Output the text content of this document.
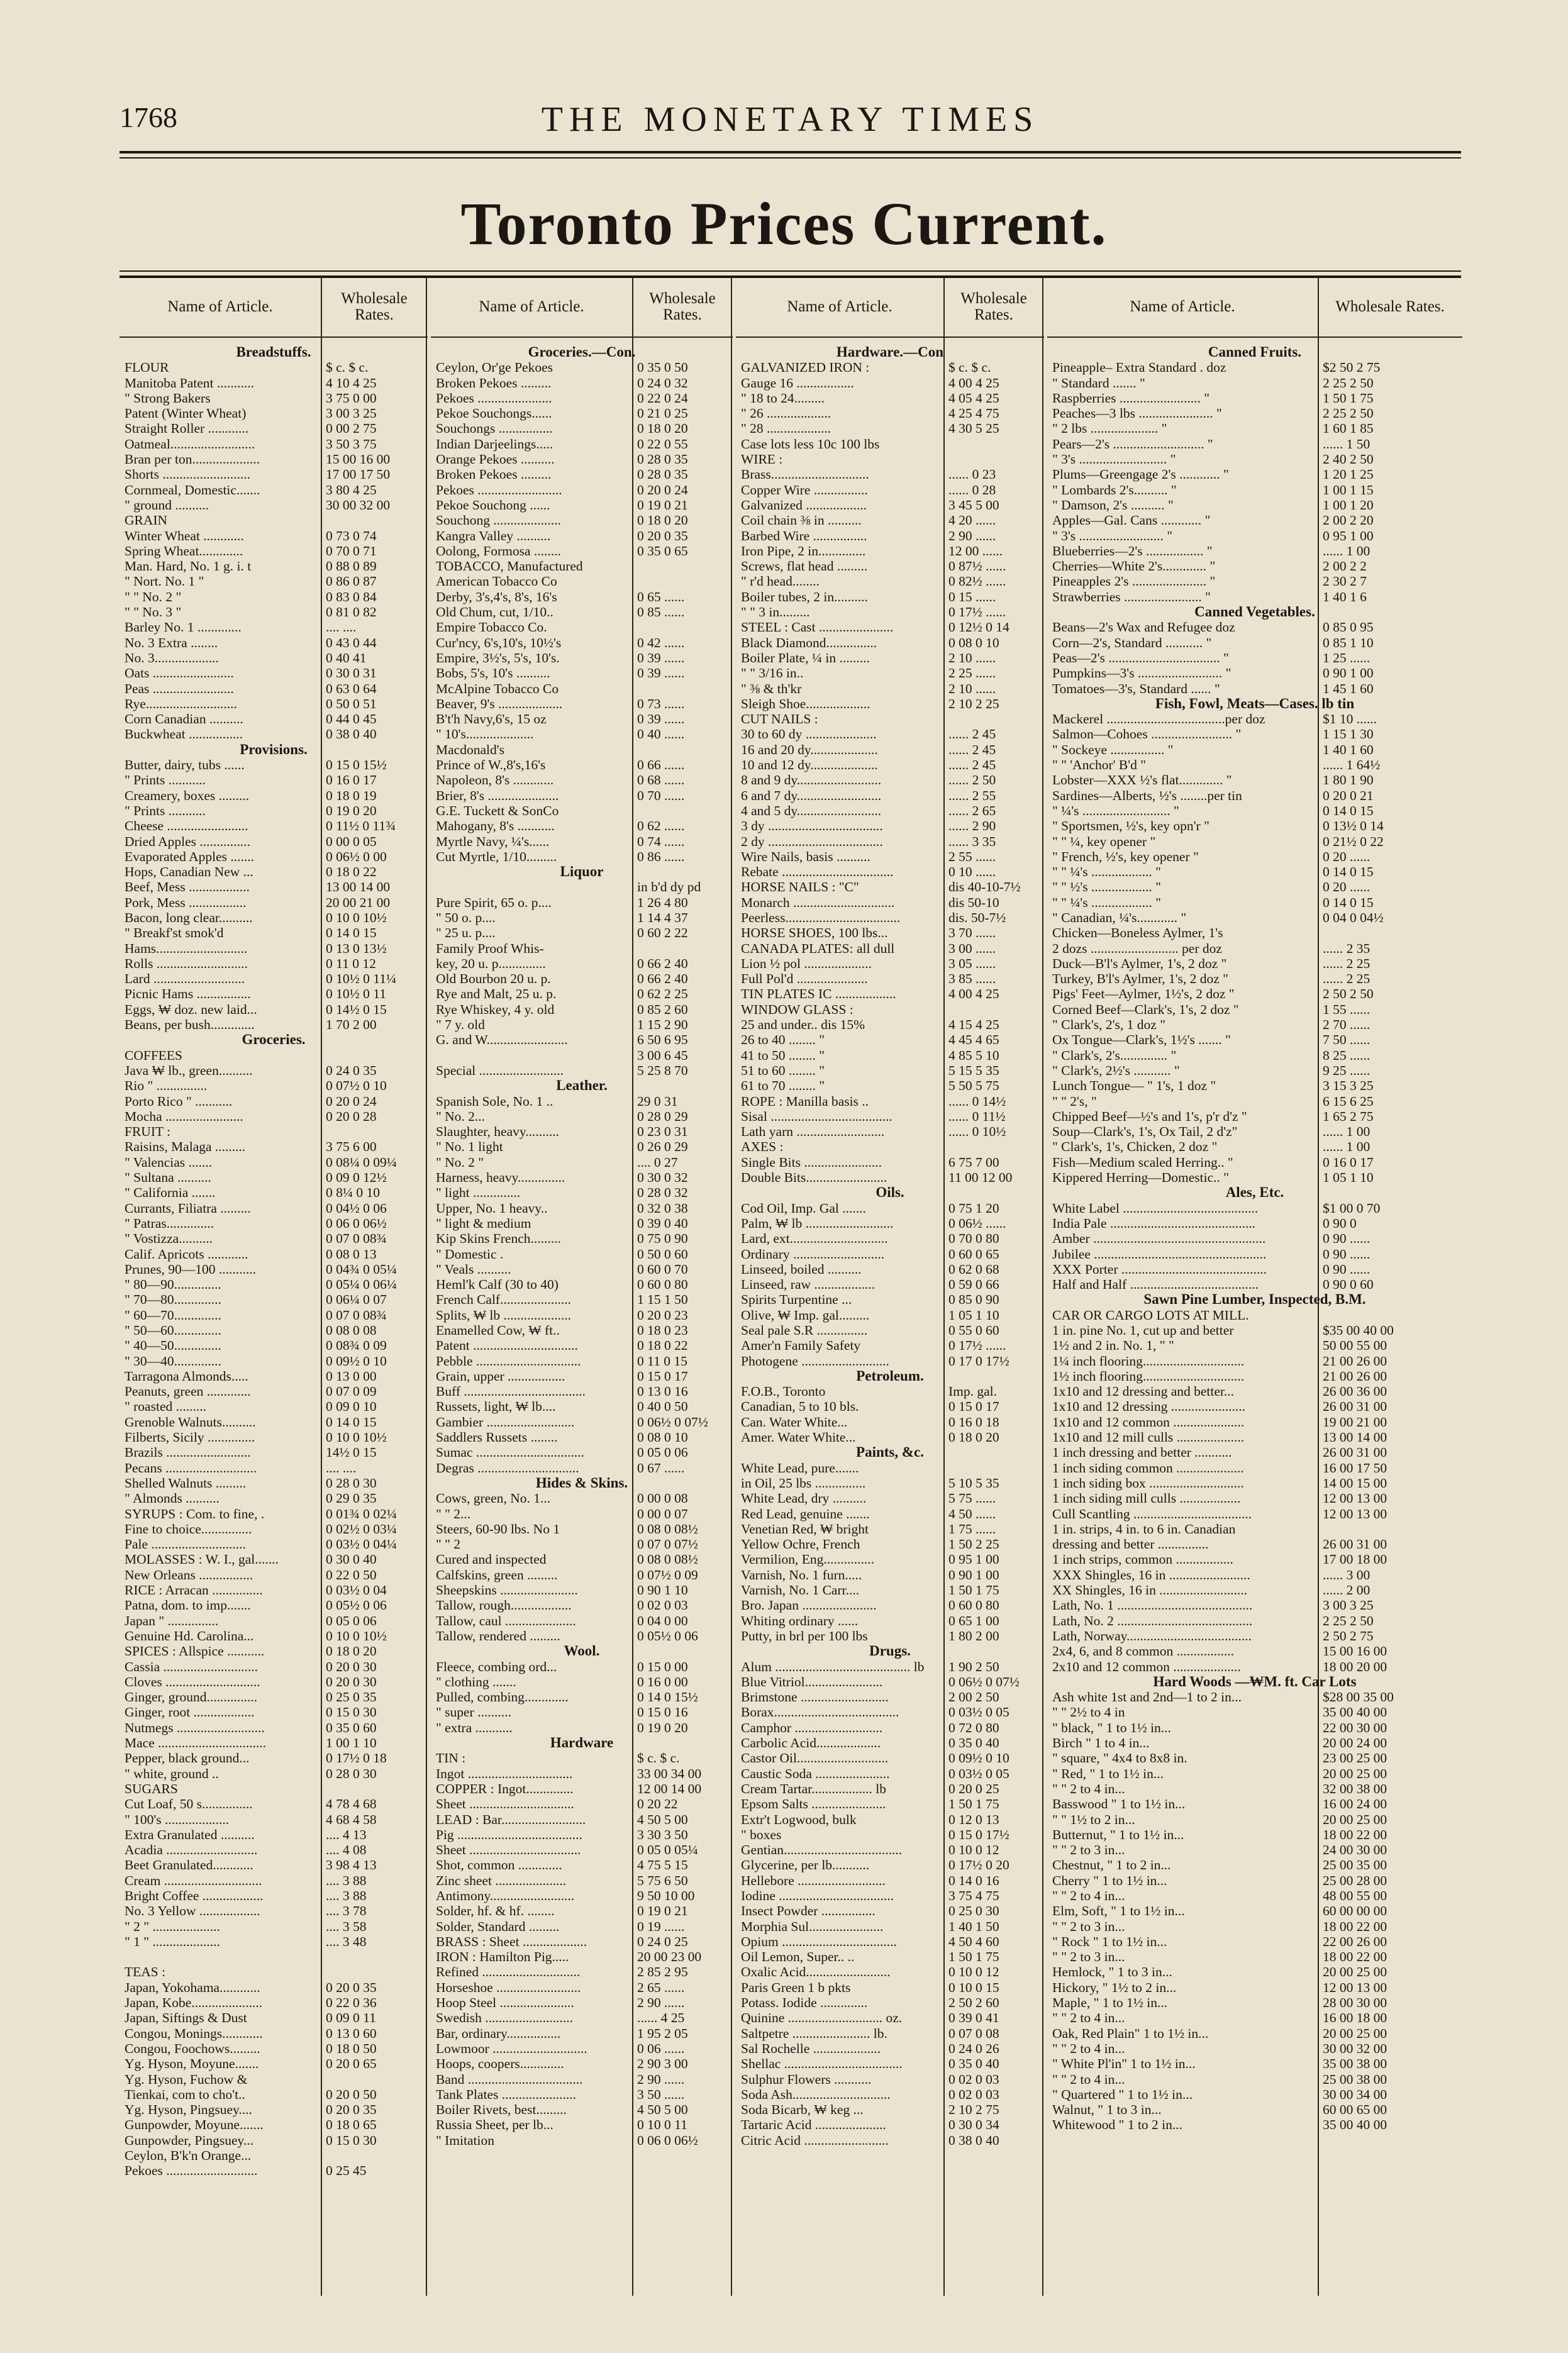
1768	THE MONETARY TIMES
Toronto Prices Current.
Name of Article.	Wholesale Rates.
Breadstuffs.
FLOUR	$ c. $ c.
Manitoba Patent ...........	4 10 4 25
" Strong Bakers	3 75 0 00
Patent (Winter Wheat)	3 00 3 25
Straight Roller ............	0 00 2 75
Oatmeal.........................	3 50 3 75
Bran per ton....................	15 00 16 00
Shorts ..........................	17 00 17 50
Cornmeal, Domestic.......	3 80 4 25
" ground ..........	30 00 32 00
GRAIN
Winter Wheat ............	0 73 0 74
Spring Wheat.............	0 70 0 71
Man. Hard, No. 1 g. i. t	0 88 0 89
" Nort. No. 1 "	0 86 0 87
" " No. 2 "	0 83 0 84
" " No. 3 "	0 81 0 82
Barley No. 1 .............	.... ....
No. 3 Extra ........	0 43 0 44
No. 3...................	0 40 41
Oats ........................	0 30 0 31
Peas ........................	0 63 0 64
Rye...........................	0 50 0 51
Corn Canadian ..........	0 44 0 45
Buckwheat ................	0 38 0 40
Provisions.
Butter, dairy, tubs ......	0 15 0 15½
" Prints ...........	0 16 0 17
Creamery, boxes .........	0 18 0 19
" Prints ...........	0 19 0 20
Cheese ........................	0 11½ 0 11¾
Dried Apples ...............	0 00 0 05
Evaporated Apples .......	0 06½ 0 00
Hops, Canadian New ...	0 18 0 22
Beef, Mess ..................	13 00 14 00
Pork, Mess .................	20 00 21 00
Bacon, long clear..........	0 10 0 10½
" Breakf'st smok'd	0 14 0 15
Hams...........................	0 13 0 13½
Rolls ...........................	0 11 0 12
Lard ...........................	0 10½ 0 11¼
Picnic Hams ................	0 10½ 0 11
Eggs, ₩ doz. new laid...	0 14½ 0 15
Beans, per bush.............	1 70 2 00
Groceries.
COFFEES
Java ₩ lb., green..........	0 24 0 35
Rio " ...............	0 07½ 0 10
Porto Rico " ...........	0 20 0 24
Mocha .......................	0 20 0 28
FRUIT :
Raisins, Malaga .........	3 75 6 00
" Valencias .......	0 08¼ 0 09¼
" Sultana ..........	0 09 0 12½
" California .......	0 8¼ 0 10
Currants, Filiatra .........	0 04½ 0 06
" Patras..............	0 06 0 06½
" Vostizza..........	0 07 0 08¾
Calif. Apricots ............	0 08 0 13
Prunes, 90—100 ...........	0 04¾ 0 05¼
" 80—90..............	0 05¼ 0 06¼
" 70—80..............	0 06¼ 0 07
" 60—70..............	0 07 0 08¾
" 50—60..............	0 08 0 08
" 40—50..............	0 08¾ 0 09
" 30—40..............	0 09½ 0 10
Tarragona Almonds.....	0 13 0 00
Peanuts, green .............	0 07 0 09
" roasted .........	0 09 0 10
Grenoble Walnuts..........	0 14 0 15
Filberts, Sicily ..............	0 10 0 10½
Brazils .........................	14½ 0 15
Pecans ...........................	.... ....
Shelled Walnuts .........	0 28 0 30
" Almonds ..........	0 29 0 35
SYRUPS : Com. to fine, .	0 01¾ 0 02¼
Fine to choice...............	0 02½ 0 03¼
Pale ............................	0 03½ 0 04¼
MOLASSES : W. I., gal.......	0 30 0 40
New Orleans ................	0 22 0 50
RICE : Arracan ...............	0 03½ 0 04
Patna, dom. to imp.......	0 05½ 0 06
Japan " ...............	0 05 0 06
Genuine Hd. Carolina...	0 10 0 10½
SPICES : Allspice ...........	0 18 0 20
Cassia ............................	0 20 0 30
Cloves ............................	0 20 0 30
Ginger, ground...............	0 25 0 35
Ginger, root ..................	0 15 0 30
Nutmegs ..........................	0 35 0 60
Mace ................................	1 00 1 10
Pepper, black ground...	0 17½ 0 18
" white, ground ..	0 28 0 30
SUGARS
Cut Loaf, 50 s...............	4 78 4 68
" 100's ...................	4 68 4 58
Extra Granulated ..........	.... 4 13
Acadia ...........................	.... 4 08
Beet Granulated............	3 98 4 13
Cream .............................	.... 3 88
Bright Coffee ..................	.... 3 88
No. 3 Yellow ..................	.... 3 78
" 2 " ....................	.... 3 58
" 1 " ....................	.... 3 48
TEAS :
Japan, Yokohama............	0 20 0 35
Japan, Kobe.....................	0 22 0 36
Japan, Siftings & Dust	0 09 0 11
Congou, Monings............	0 13 0 60
Congou, Foochows.........	0 18 0 50
Yg. Hyson, Moyune.......	0 20 0 65
Yg. Hyson, Fuchow &
Tienkai, com to cho't..	0 20 0 50
Yg. Hyson, Pingsuey....	0 20 0 35
Gunpowder, Moyune.......	0 18 0 65
Gunpowder, Pingsuey...	0 15 0 30
Ceylon, B'k'n Orange...
Pekoes ...........................	0 25 45
Name of Article.	Wholesale Rates.
Groceries.—Con.
Ceylon, Or'ge Pekoes	0 35 0 50
Broken Pekoes .........	0 24 0 32
Pekoes ......................	0 22 0 24
Pekoe Souchongs......	0 21 0 25
Souchongs ................	0 18 0 20
Indian Darjeelings.....	0 22 0 55
Orange Pekoes ..........	0 28 0 35
Broken Pekoes .........	0 28 0 35
Pekoes .........................	0 20 0 24
Pekoe Souchong ......	0 19 0 21
Souchong ....................	0 18 0 20
Kangra Valley ..........	0 20 0 35
Oolong, Formosa ........	0 35 0 65
TOBACCO, Manufactured
American Tobacco Co
Derby, 3's,4's, 8's, 16's	0 65 ......
Old Chum, cut, 1/10..	0 85 ......
Empire Tobacco Co.
Cur'ncy, 6's,10's, 10½'s	0 42 ......
Empire, 3½'s, 5's, 10's.	0 39 ......
Bobs, 5's, 10's ..........	0 39 ......
McAlpine Tobacco Co
Beaver, 9's ...................	0 73 ......
B't'h Navy,6's, 15 oz	0 39 ......
" 10's....................	0 40 ......
Macdonald's
Prince of W.,8's,16's	0 66 ......
Napoleon, 8's ............	0 68 ......
Brier, 8's .....................	0 70 ......
G.E. Tuckett & SonCo
Mahogany, 8's ...........	0 62 ......
Myrtle Navy, ¼'s......	0 74 ......
Cut Myrtle, 1/10.........	0 86 ......
Liquor
in b'd dy pd
Pure Spirit, 65 o. p....	1 26 4 80
" 50 o. p....	1 14 4 37
" 25 u. p....	0 60 2 22
Family Proof Whis-
key, 20 u. p..............	0 66 2 40
Old Bourbon 20 u. p.	0 66 2 40
Rye and Malt, 25 u. p.	0 62 2 25
Rye Whiskey, 4 y. old	0 85 2 60
" 7 y. old	1 15 2 90
G. and W........................	6 50 6 95
3 00 6 45
Special .........................	5 25 8 70
Leather.
Spanish Sole, No. 1 ..	29 0 31
" No. 2...	0 28 0 29
Slaughter, heavy..........	0 23 0 31
" No. 1 light	0 26 0 29
" No. 2 "	.... 0 27
Harness, heavy..............	0 30 0 32
" light ..............	0 28 0 32
Upper, No. 1 heavy..	0 32 0 38
" light & medium	0 39 0 40
Kip Skins French.........	0 75 0 90
" Domestic .	0 50 0 60
" Veals ..........	0 60 0 70
Heml'k Calf (30 to 40)	0 60 0 80
French Calf.....................	1 15 1 50
Splits, ₩ lb ....................	0 20 0 23
Enamelled Cow, ₩ ft..	0 18 0 23
Patent ...............................	0 18 0 22
Pebble ...............................	0 11 0 15
Grain, upper .................	0 15 0 17
Buff ....................................	0 13 0 16
Russets, light, ₩ lb....	0 40 0 50
Gambier ..........................	0 06½ 0 07½
Saddlers Russets ........	0 08 0 10
Sumac ................................	0 05 0 06
Degras ..............................	0 67 ......
Hides & Skins.
Cows, green, No. 1...	0 00 0 08
" " 2...	0 00 0 07
Steers, 60-90 lbs. No 1	0 08 0 08½
" " 2	0 07 0 07½
Cured and inspected	0 08 0 08½
Calfskins, green .........	0 07½ 0 09
Sheepskins .......................	0 90 1 10
Tallow, rough..................	0 02 0 03
Tallow, caul .....................	0 04 0 00
Tallow, rendered .........	0 05½ 0 06
Wool.
Fleece, combing ord...	0 15 0 00
" clothing .......	0 16 0 00
Pulled, combing.............	0 14 0 15½
" super ..........	0 15 0 16
" extra ...........	0 19 0 20
Hardware
TIN :	$ c. $ c.
Ingot ...............................	33 00 34 00
COPPER : Ingot..............	12 00 14 00
Sheet ...............................	0 20 22
LEAD : Bar.........................	4 50 5 00
Pig .....................................	3 30 3 50
Sheet .................................	0 05 0 05¼
Shot, common .............	4 75 5 15
Zinc sheet .....................	5 75 6 50
Antimony.........................	9 50 10 00
Solder, hf. & hf. ........	0 19 0 21
Solder, Standard .........	0 19 ......
BRASS : Sheet ...................	0 24 0 25
IRON : Hamilton Pig.....	20 00 23 00
Refined .............................	2 85 2 95
Horseshoe .........................	2 65 ......
Hoop Steel ......................	2 90 ......
Swedish ..........................	...... 4 25
Bar, ordinary................	1 95 2 05
Lowmoor ............................	0 06 ......
Hoops, coopers.............	2 90 3 00
Band ..................................	2 90 ......
Tank Plates ......................	3 50 ......
Boiler Rivets, best.........	4 50 5 00
Russia Sheet, per lb...	0 10 0 11
" Imitation	0 06 0 06½
Name of Article.	Wholesale Rates.
Hardware.—Con
GALVANIZED IRON :	$ c. $ c.
Gauge 16 .................	4 00 4 25
" 18 to 24.........	4 05 4 25
" 26 ...................	4 25 4 75
" 28 ...................	4 30 5 25
Case lots less 10c 100 lbs
WIRE :
Brass.............................	...... 0 23
Copper Wire ................	...... 0 28
Galvanized ..................	3 45 5 00
Coil chain ⅜ in ..........	4 20 ......
Barbed Wire ................	2 90 ......
Iron Pipe, 2 in..............	12 00 ......
Screws, flat head .........	0 87½ ......
" r'd head........	0 82½ ......
Boiler tubes, 2 in..........	0 15 ......
" " 3 in.........	0 17½ ......
STEEL : Cast ......................	0 12½ 0 14
Black Diamond...............	0 08 0 10
Boiler Plate, ¼ in .........	2 10 ......
" " 3/16 in..	2 25 ......
" ⅜ & th'kr	2 10 ......
Sleigh Shoe...................	2 10 2 25
CUT NAILS :
30 to 60 dy .....................	...... 2 45
16 and 20 dy....................	...... 2 45
10 and 12 dy....................	...... 2 45
8 and 9 dy.........................	...... 2 50
6 and 7 dy.........................	...... 2 55
4 and 5 dy.........................	...... 2 65
3 dy ..................................	...... 2 90
2 dy ..................................	...... 3 35
Wire Nails, basis ..........	2 55 ......
Rebate .................................	0 10 ......
HORSE NAILS : "C"	dis 40-10-7½
Monarch ..............................	dis 50-10
Peerless..................................	dis. 50-7½
HORSE SHOES, 100 lbs...	3 70 ......
CANADA PLATES: all dull	3 00 ......
Lion ½ pol ....................	3 05 ......
Full Pol'd .....................	3 85 ......
TIN PLATES IC ..................	4 00 4 25
WINDOW GLASS :
25 and under.. dis 15%	4 15 4 25
26 to 40 ........ "	4 45 4 65
41 to 50 ........ "	4 85 5 10
51 to 60 ........ "	5 15 5 35
61 to 70 ........ "	5 50 5 75
ROPE : Manilla basis ..	...... 0 14½
Sisal ....................................	...... 0 11½
Lath yarn ..........................	...... 0 10½
AXES :
Single Bits .......................	6 75 7 00
Double Bits........................	11 00 12 00
Oils.
Cod Oil, Imp. Gal .......	0 75 1 20
Palm, ₩ lb ..........................	0 06½ ......
Lard, ext.............................	0 70 0 80
Ordinary ...........................	0 60 0 65
Linseed, boiled ..........	0 62 0 68
Linseed, raw ..................	0 59 0 66
Spirits Turpentine ...	0 85 0 90
Olive, ₩ Imp. gal.........	1 05 1 10
Seal pale S.R ...............	0 55 0 60
Amer'n Family Safety	0 17½ ......
Photogene ..........................	0 17 0 17½
Petroleum.
F.O.B., Toronto	Imp. gal.
Canadian, 5 to 10 bls.	0 15 0 17
Can. Water White...	0 16 0 18
Amer. Water White...	0 18 0 20
Paints, &c.
White Lead, pure.......
in Oil, 25 lbs ...............	5 10 5 35
White Lead, dry ..........	5 75 ......
Red Lead, genuine .......	4 50 ......
Venetian Red, ₩ bright	1 75 ......
Yellow Ochre, French	1 50 2 25
Vermilion, Eng...............	0 95 1 00
Varnish, No. 1 furn.....	0 90 1 00
Varnish, No. 1 Carr....	1 50 1 75
Bro. Japan ......................	0 60 0 80
Whiting ordinary ......	0 65 1 00
Putty, in brl per 100 lbs	1 80 2 00
Drugs.
Alum ........................................ lb	1 90 2 50
Blue Vitriol.......................	0 06½ 0 07½
Brimstone ..........................	2 00 2 50
Borax.....................................	0 03½ 0 05
Camphor ..........................	0 72 0 80
Carbolic Acid...................	0 35 0 40
Castor Oil...........................	0 09½ 0 10
Caustic Soda ......................	0 03½ 0 05
Cream Tartar.................. lb	0 20 0 25
Epsom Salts ......................	1 50 1 75
Extr't Logwood, bulk	0 12 0 13
" boxes	0 15 0 17½
Gentian...................................	0 10 0 12
Glycerine, per lb...........	0 17½ 0 20
Hellebore ..........................	0 14 0 16
Iodine ..................................	3 75 4 75
Insect Powder ................	0 25 0 30
Morphia Sul......................	1 40 1 50
Opium ..................................	4 50 4 60
Oil Lemon, Super.. ..	1 50 1 75
Oxalic Acid.........................	0 10 0 12
Paris Green 1 b pkts	0 10 0 15
Potass. Iodide ..............	2 50 2 60
Quinine ............................ oz.	0 39 0 41
Saltpetre ....................... lb.	0 07 0 08
Sal Rochelle ....................	0 24 0 26
Shellac ...................................	0 35 0 40
Sulphur Flowers ...........	0 02 0 03
Soda Ash.............................	0 02 0 03
Soda Bicarb, ₩ keg ...	2 10 2 75
Tartaric Acid .....................	0 30 0 34
Citric Acid .........................	0 38 0 40
Name of Article.	Wholesale Rates.
Canned Fruits.
Pineapple– Extra Standard . doz	$2 50 2 75
" Standard ....... "	2 25 2 50
Raspberries ........................ "	1 50 1 75
Peaches—3 lbs ...................... "	2 25 2 50
" 2 lbs .................... "	1 60 1 85
Pears—2's ........................... "	...... 1 50
" 3's .......................... "	2 40 2 50
Plums—Greengage 2's ............ "	1 20 1 25
" Lombards 2's.......... "	1 00 1 15
" Damson, 2's .......... "	1 00 1 20
Apples—Gal. Cans ............ "	2 00 2 20
" 3's ......................... "	0 95 1 00
Blueberries—2's ................. "	...... 1 00
Cherries—White 2's............. "	2 00 2 2
Pineapples 2's ...................... "	2 30 2 7
Strawberries ....................... "	1 40 1 6
Canned Vegetables.
Beans—2's Wax and Refugee doz	0 85 0 95
Corn—2's, Standard ........... "	0 85 1 10
Peas—2's ................................. "	1 25 ......
Pumpkins—3's ......................... "	0 90 1 00
Tomatoes—3's, Standard ...... "	1 45 1 60
Fish, Fowl, Meats—Cases. lb tin
Mackerel ...................................per doz	$1 10 ......
Salmon—Cohoes ........................ "	1 15 1 30
" Sockeye ................ "	1 40 1 60
" " 'Anchor' B'd "	...... 1 64½
Lobster—XXX ½'s flat............. "	1 80 1 90
Sardines—Alberts, ½'s ........per tin	0 20 0 21
" ¼'s .......................... "	0 14 0 15
" Sportsmen, ½'s, key opn'r "	0 13½ 0 14
" " ¼, key opener "	0 21½ 0 22
" French, ½'s, key opener "	0 20 ......
" " ¼'s .................. "	0 14 0 15
" " ½'s .................. "	0 20 ......
" " ¼'s .................. "	0 14 0 15
" Canadian, ¼'s............ "	0 04 0 04½
Chicken—Boneless Aylmer, 1's
2 dozs .......................... per doz	...... 2 35
Duck—B'l's Aylmer, 1's, 2 doz "	...... 2 25
Turkey, B'l's Aylmer, 1's, 2 doz "	...... 2 25
Pigs' Feet—Aylmer, 1½'s, 2 doz "	2 50 2 50
Corned Beef—Clark's, 1's, 2 doz "	1 55 ......
" Clark's, 2's, 1 doz "	2 70 ......
Ox Tongue—Clark's, 1½'s ....... "	7 50 ......
" Clark's, 2's.............. "	8 25 ......
" Clark's, 2½'s ........... "	9 25 ......
Lunch Tongue— " 1's, 1 doz "	3 15 3 25
" " 2's, "	6 15 6 25
Chipped Beef—½'s and 1's, p'r d'z "	1 65 2 75
Soup—Clark's, 1's, Ox Tail, 2 d'z"	...... 1 00
" Clark's, 1's, Chicken, 2 doz "	...... 1 00
Fish—Medium scaled Herring.. "	0 16 0 17
Kippered Herring—Domestic.. "	1 05 1 10
Ales, Etc.
White Label ........................................	$1 00 0 70
India Pale ...........................................	0 90 0
Amber ...................................................	0 90 ......
Jubilee ...................................................	0 90 ......
XXX Porter ...........................................	0 90 ......
Half and Half ......................................	0 90 0 60
Sawn Pine Lumber, Inspected, B.M.
CAR OR CARGO LOTS AT MILL.
1 in. pine No. 1, cut up and better	$35 00 40 00
1½ and 2 in. No. 1, " "	50 00 55 00
1¼ inch flooring..............................	21 00 26 00
1½ inch flooring..............................	21 00 26 00
1x10 and 12 dressing and better...	26 00 36 00
1x10 and 12 dressing ......................	26 00 31 00
1x10 and 12 common .....................	19 00 21 00
1x10 and 12 mill culls ....................	13 00 14 00
1 inch dressing and better ...........	26 00 31 00
1 inch siding common ....................	16 00 17 50
1 inch siding box ............................	14 00 15 00
1 inch siding mill culls ..................	12 00 13 00
Cull Scantling ...................................	12 00 13 00
1 in. strips, 4 in. to 6 in. Canadian
dressing and better ...............	26 00 31 00
1 inch strips, common .................	17 00 18 00
XXX Shingles, 16 in ........................	...... 3 00
XX Shingles, 16 in ..........................	...... 2 00
Lath, No. 1 ........................................	3 00 3 25
Lath, No. 2 ........................................	2 25 2 50
Lath, Norway.....................................	2 50 2 75
2x4, 6, and 8 common .................	15 00 16 00
2x10 and 12 common ....................	18 00 20 00
Hard Woods —₩M. ft. Car Lots
Ash white 1st and 2nd—1 to 2 in...	$28 00 35 00
" " 2½ to 4 in	35 00 40 00
" black, " 1 to 1½ in...	22 00 30 00
Birch " 1 to 4 in...	20 00 24 00
" square, " 4x4 to 8x8 in.	23 00 25 00
" Red, " 1 to 1½ in...	20 00 25 00
" " 2 to 4 in...	32 00 38 00
Basswood " 1 to 1½ in...	16 00 24 00
" " 1½ to 2 in...	20 00 25 00
Butternut, " 1 to 1½ in...	18 00 22 00
" " 2 to 3 in...	24 00 30 00
Chestnut, " 1 to 2 in...	25 00 35 00
Cherry " 1 to 1½ in...	25 00 28 00
" " 2 to 4 in...	48 00 55 00
Elm, Soft, " 1 to 1½ in...	60 00 00 00
" " 2 to 3 in...	18 00 22 00
" Rock " 1 to 1½ in...	22 00 26 00
" " 2 to 3 in...	18 00 22 00
Hemlock, " 1 to 3 in...	20 00 25 00
Hickory, " 1½ to 2 in...	12 00 13 00
Maple, " 1 to 1½ in...	28 00 30 00
" " 2 to 4 in...	16 00 18 00
Oak, Red Plain" 1 to 1½ in...	20 00 25 00
" " 2 to 4 in...	30 00 32 00
" White Pl'in" 1 to 1½ in...	35 00 38 00
" " 2 to 4 in...	25 00 38 00
" Quartered " 1 to 1½ in...	30 00 34 00
Walnut, " 1 to 3 in...	60 00 65 00
Whitewood " 1 to 2 in...	35 00 40 00
